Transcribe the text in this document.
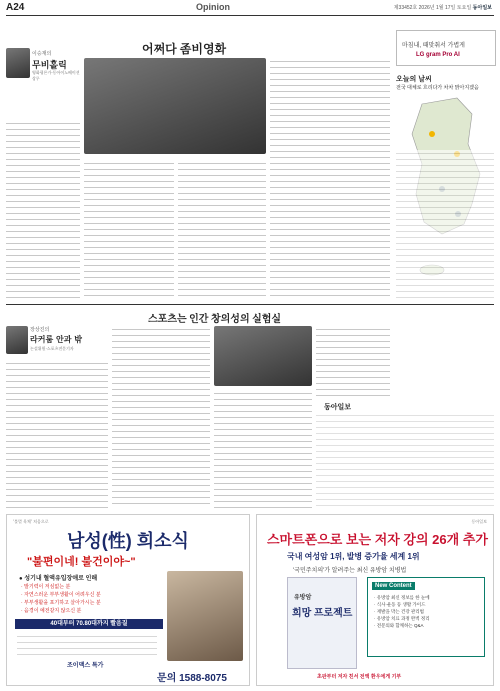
A24	Opinion	제33452호 2026년 1월 17일 토요일 동아일보
어쩌다 좀비영화
이승재의
무비홀릭
영화평론가·동아이노베이션 상무
마침내, 때맞춰서 가볍게
LG gram Pro AI
오늘의 날씨
전국 대체로 흐리다가 차차 맑아지겠음
스포츠는 인간 창의성의 실험실
장상진의
라커룸 안과 밖
논설위원·스포츠전문기자
동아일보
'불멸 육체' 처음으로
남성(性) 희소식
"불편이네! 불건이야~"
● 성기내 혈액유입장애로 인해
· 발기력이 저심없는 분
· 자연스러운 부부생활이 어려우신 분
· 부부생활을 포기하고 살아가시는 분
· 음경이 예전같지 않으신 분
40대부터 70.80대까지 빨음질
조이맥스 특가
문의 1588-8075
동아일보
스마트폰으로 보는 저자 강의 26개 추가
국내 여성암 1위, 발병 증가율 세계 1위
'국민주치의'가 알려주는 최신 유방암 치병법
유방암
희망 프로젝트
New Content
· 유방암 최신 정보를 한 눈에
· 식사·운동 등 생활 가이드
· 재발을 막는 건강 관리법
· 유방암 치료 과정 완벽 정리
· 전문의와 함께하는 Q&A
초판부터 저자 친서 전액 환우에게 기부
